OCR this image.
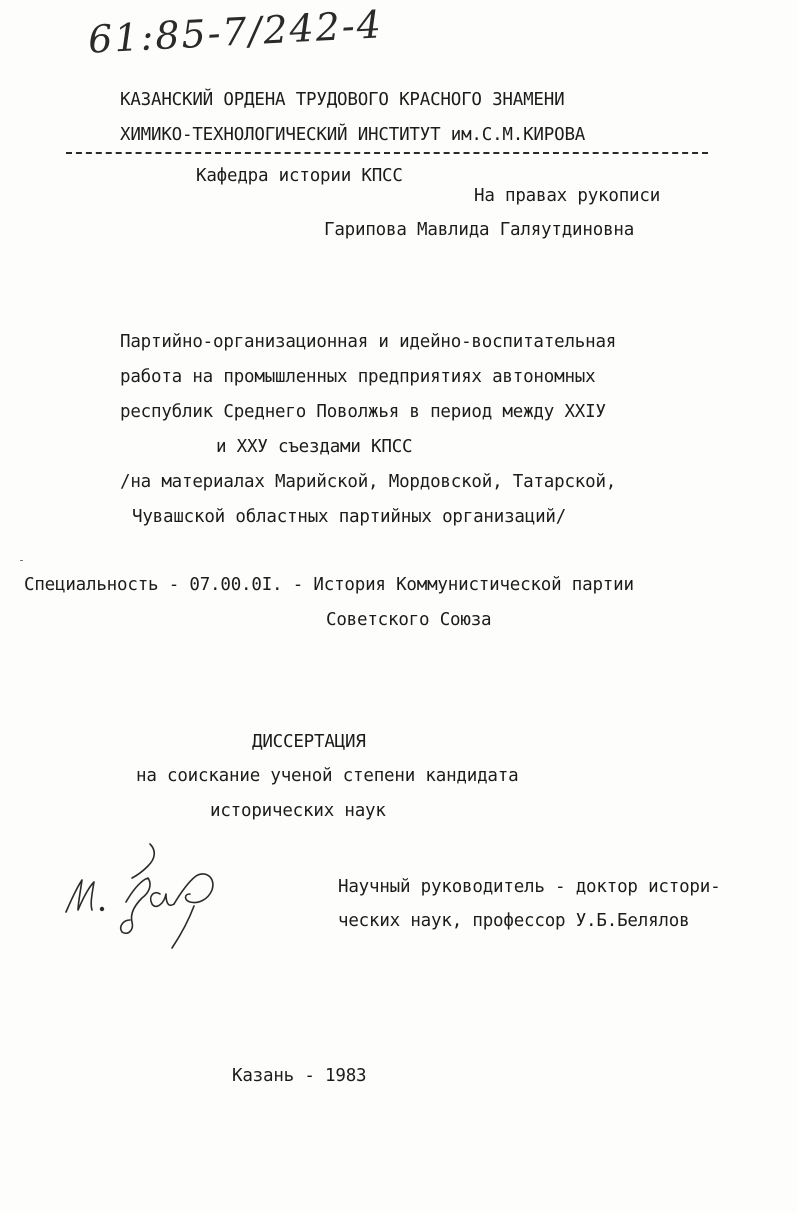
61:85-7/242-4
КАЗАНСКИЙ ОРДЕНА ТРУДОВОГО КРАСНОГО ЗНАМЕНИ
ХИМИКО-ТЕХНОЛОГИЧЕСКИЙ ИНСТИТУТ им.С.М.КИРОВА
Кафедра истории КПСС
На правах рукописи
Гарипова Мавлида Галяутдиновна
Партийно-организационная и идейно-воспитательная
работа на промышленных предприятиях автономных
республик Среднего Поволжья в период между XXIУ
и XXУ съездами КПСС
/на материалах Марийской, Мордовской, Татарской,
Чувашской областных партийных организаций/
Специальность - 07.00.0I. - История Коммунистической партии
Советского Союза
ДИССЕРТАЦИЯ
на соискание ученой степени кандидата
исторических наук
Научный руководитель - доктор истори-
ческих наук, профессор У.Б.Белялов
Казань - 1983
